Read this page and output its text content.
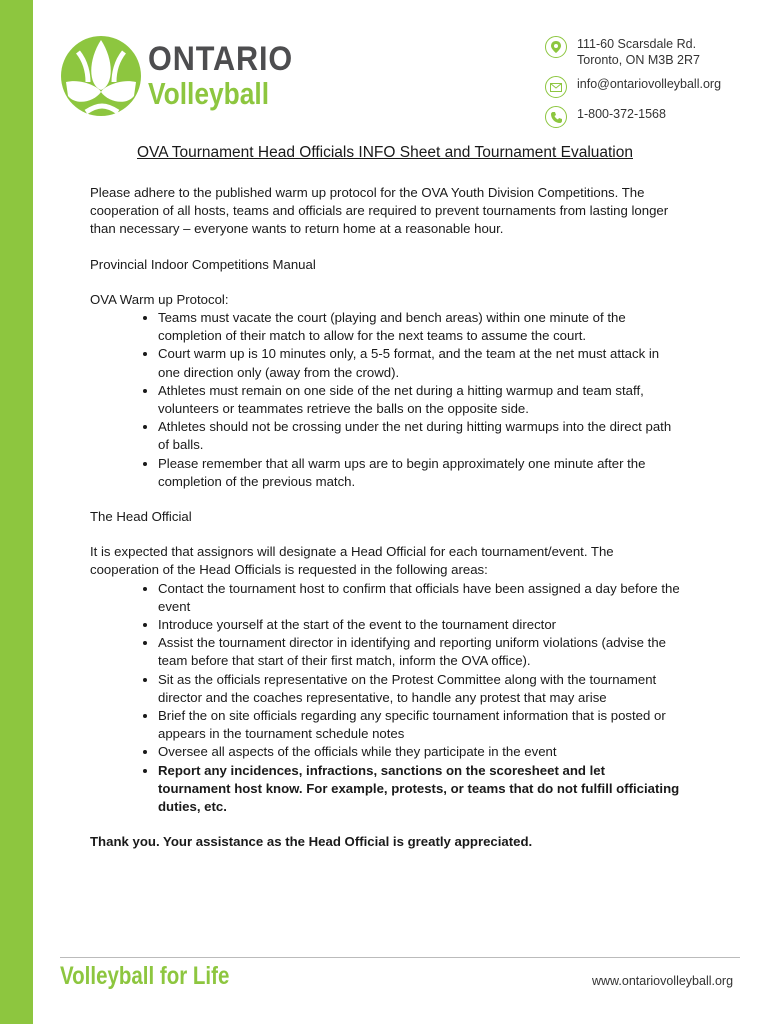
ONTARIO
Volleyball
111-60 Scarsdale Rd.
Toronto, ON M3B 2R7
info@ontariovolleyball.org
1-800-372-1568
OVA Tournament Head Officials INFO Sheet and Tournament Evaluation

Please adhere to the published warm up protocol for the OVA Youth Division Competitions. The cooperation of all hosts, teams and officials are required to prevent tournaments from lasting longer than necessary – everyone wants to return home at a reasonable hour.

Provincial Indoor Competitions Manual

OVA Warm up Protocol:

• Teams must vacate the court (playing and bench areas) within one minute of the completion of their match to allow for the next teams to assume the court.
• Court warm up is 10 minutes only, a 5-5 format, and the team at the net must attack in one direction only (away from the crowd).
• Athletes must remain on one side of the net during a hitting warmup and team staff, volunteers or teammates retrieve the balls on the opposite side.
• Athletes should not be crossing under the net during hitting warmups into the direct path of balls.
• Please remember that all warm ups are to begin approximately one minute after the completion of the previous match.

The Head Official

It is expected that assignors will designate a Head Official for each tournament/event. The cooperation of the Head Officials is requested in the following areas:

• Contact the tournament host to confirm that officials have been assigned a day before the event
• Introduce yourself at the start of the event to the tournament director
• Assist the tournament director in identifying and reporting uniform violations (advise the team before that start of their first match, inform the OVA office).
• Sit as the officials representative on the Protest Committee along with the tournament director and the coaches representative, to handle any protest that may arise
• Brief the on site officials regarding any specific tournament information that is posted or appears in the tournament schedule notes
• Oversee all aspects of the officials while they participate in the event
• Report any incidences, infractions, sanctions on the scoresheet and let tournament host know. For example, protests, or teams that do not fulfill officiating duties, etc.

Thank you. Your assistance as the Head Official is greatly appreciated.

Volleyball for Life	www.ontariovolleyball.org
